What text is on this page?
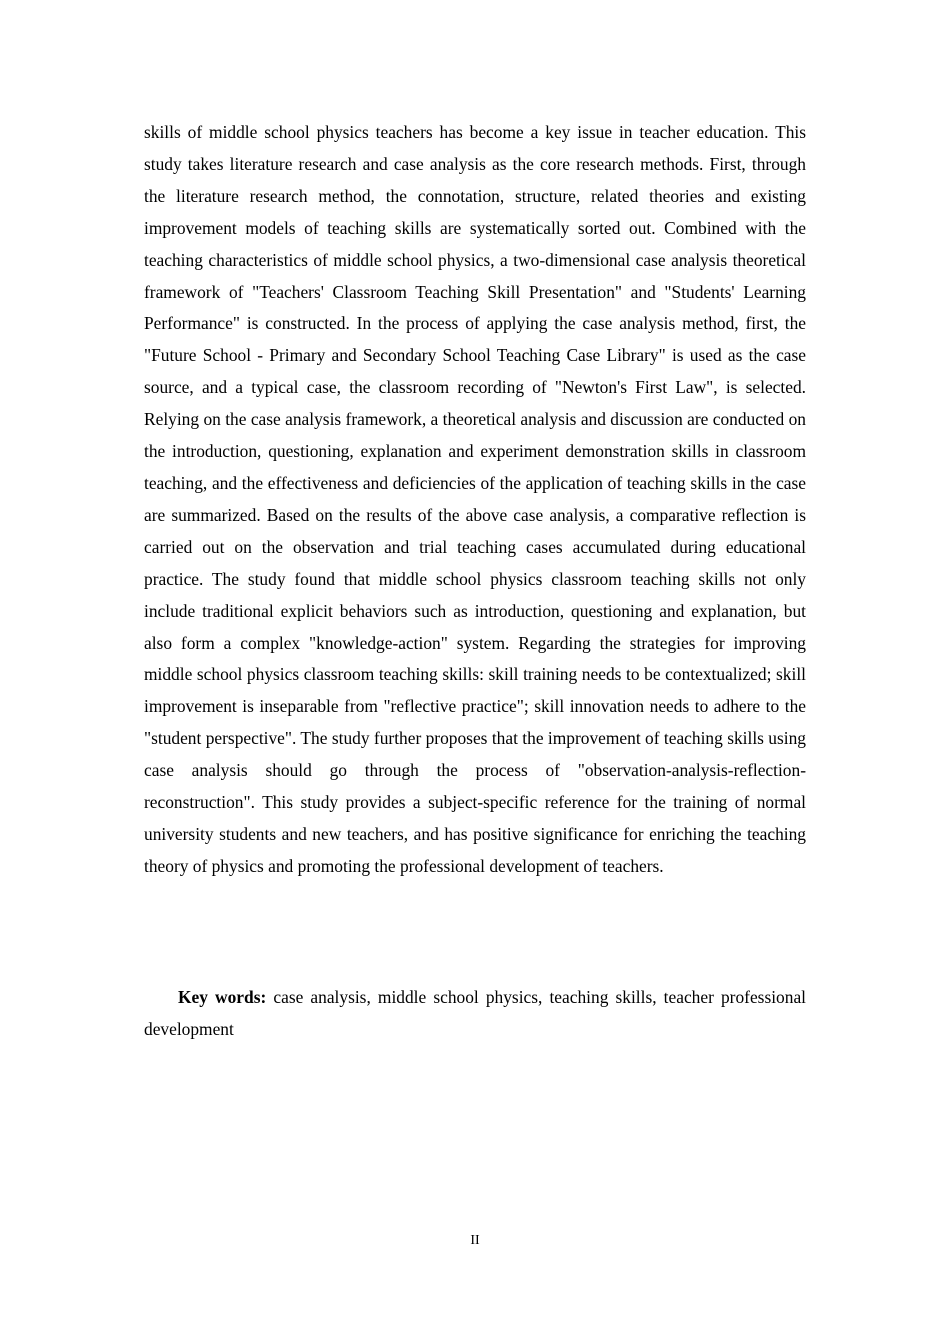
skills of middle school physics teachers has become a key issue in teacher education. This study takes literature research and case analysis as the core research methods. First, through the literature research method, the connotation, structure, related theories and existing improvement models of teaching skills are systematically sorted out. Combined with the teaching characteristics of middle school physics, a two-dimensional case analysis theoretical framework of "Teachers' Classroom Teaching Skill Presentation" and "Students' Learning Performance" is constructed. In the process of applying the case analysis method, first, the "Future School - Primary and Secondary School Teaching Case Library" is used as the case source, and a typical case, the classroom recording of "Newton's First Law", is selected. Relying on the case analysis framework, a theoretical analysis and discussion are conducted on the introduction, questioning, explanation and experiment demonstration skills in classroom teaching, and the effectiveness and deficiencies of the application of teaching skills in the case are summarized. Based on the results of the above case analysis, a comparative reflection is carried out on the observation and trial teaching cases accumulated during educational practice. The study found that middle school physics classroom teaching skills not only include traditional explicit behaviors such as introduction, questioning and explanation, but also form a complex "knowledge-action" system. Regarding the strategies for improving middle school physics classroom teaching skills: skill training needs to be contextualized; skill improvement is inseparable from "reflective practice"; skill innovation needs to adhere to the "student perspective". The study further proposes that the improvement of teaching skills using case analysis should go through the process of "observation-analysis-reflection-reconstruction". This study provides a subject-specific reference for the training of normal university students and new teachers, and has positive significance for enriching the teaching theory of physics and promoting the professional development of teachers.

Key words: case analysis, middle school physics, teaching skills, teacher professional development

II
